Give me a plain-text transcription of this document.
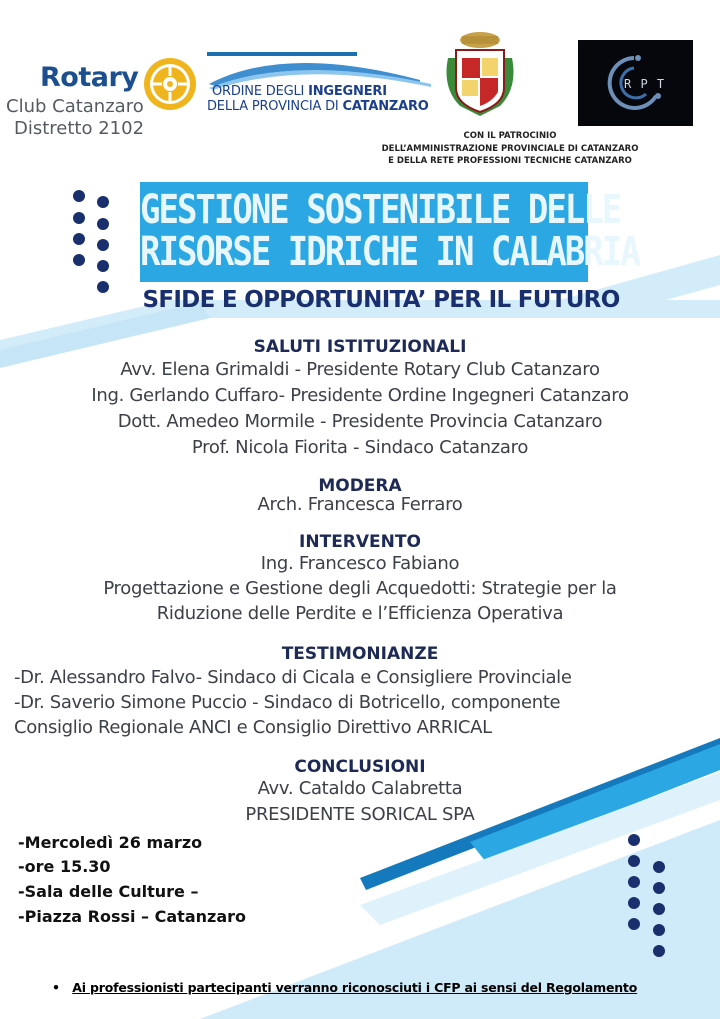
Rotary
Club Catanzaro
Distretto 2102
ORDINE DEGLI INGEGNERI
DELLA PROVINCIA DI CATANZARO
R P T
CON IL PATROCINIO
DELL’AMMINISTRAZIONE PROVINCIALE DI CATANZARO
E DELLA RETE PROFESSIONI TECNICHE CATANZARO
GESTIONE SOSTENIBILE DELLE
RISORSE IDRICHE IN CALABRIA
SFIDE E OPPORTUNITA’ PER IL FUTURO
SALUTI ISTITUZIONALI
Avv. Elena Grimaldi - Presidente Rotary Club Catanzaro
Ing. Gerlando Cuffaro- Presidente Ordine Ingegneri Catanzaro
Dott. Amedeo Mormile - Presidente Provincia Catanzaro
Prof. Nicola Fiorita - Sindaco Catanzaro
MODERA
Arch. Francesca Ferraro
INTERVENTO
Ing. Francesco Fabiano
Progettazione e Gestione degli Acquedotti: Strategie per la
Riduzione delle Perdite e l’Efficienza Operativa
TESTIMONIANZE
-Dr. Alessandro Falvo- Sindaco di Cicala e Consigliere Provinciale
-Dr. Saverio Simone Puccio - Sindaco di Botricello, componente
Consiglio Regionale ANCI e Consiglio Direttivo ARRICAL
CONCLUSIONI
Avv. Cataldo Calabretta
PRESIDENTE SORICAL SPA
-Mercoledì 26 marzo
-ore 15.30
-Sala delle Culture –
-Piazza Rossi – Catanzaro
• Ai professionisti partecipanti verranno riconosciuti i CFP ai sensi del Regolamento
